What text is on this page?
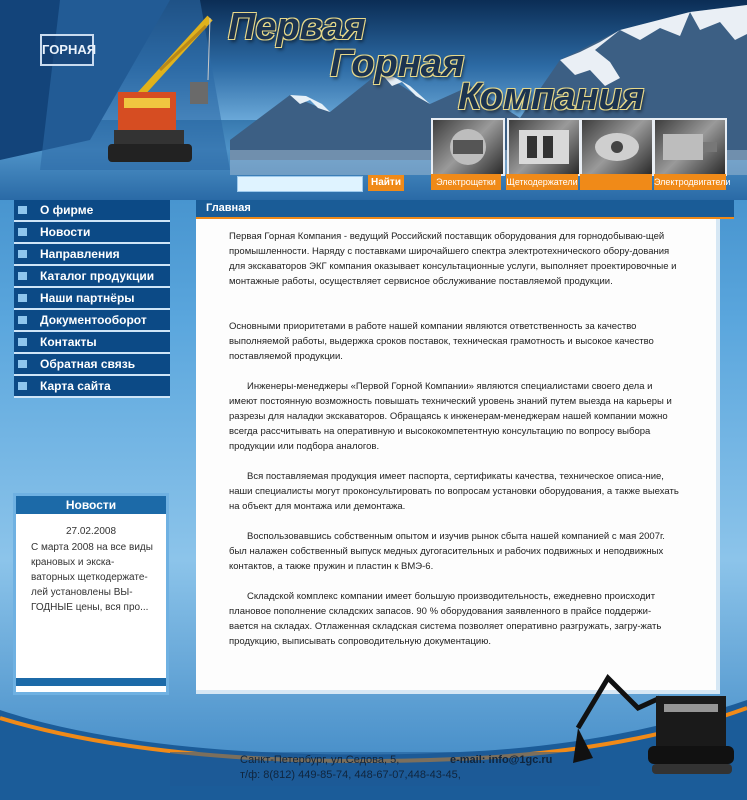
ГОРНАЯ
Первая
Горная
Компания
Электрощетки	Щеткодержатели	Электродвигатели
Найти
О фирме
Новости
Направления
Каталог продукции
Наши партнёры
Документооборот
Контакты
Обратная связь
Карта сайта
Новости
27.02.2008
С марта 2008 на все виды крановых и экска-ваторных щеткодержате-лей установлены ВЫ-ГОДНЫЕ цены, вся про...
Главная
Первая Горная Компания - ведущий Российский поставщик оборудования для горнодобываю-щей промышленности. Наряду с поставками широчайшего спектра электротехнического обору-дования для экскаваторов ЭКГ компания оказывает консультационные услуги, выполняет проектировочные и монтажные работы, осуществляет сервисное обслуживание поставляемой продукции.
Основными приоритетами в работе нашей компании являются ответственность за качество выполняемой работы, выдержка сроков поставок, техническая грамотность и высокое качество поставляемой продукции.
Инженеры-менеджеры «Первой Горной Компании» являются специалистами своего дела и имеют постоянную возможность повышать технический уровень знаний путем выезда на карьеры и разрезы для наладки экскаваторов. Обращаясь к инженерам-менеджерам нашей компании можно всегда рассчитывать на оперативную и высококомпетентную консультацию по вопросу выбора продукции или подбора аналогов.
Вся поставляемая продукция имеет паспорта, сертификаты качества, техническое описа-ние, наши специалисты могут проконсультировать по вопросам установки оборудования, а также выехать на объект для монтажа или демонтажа.
Воспользовавшись собственным опытом и изучив рынок сбыта нашей компанией с мая 2007г. был налажен собственный выпуск медных дугогасительных и рабочих подвижных и неподвижных контактов, а также пружин и пластин к ВМЭ-6.
Складской комплекс компании имеет большую производительность, ежедневно происходит плановое пополнение складских запасов. 90 % оборудования заявленного в прайсе поддержи-вается на складах. Отлаженная складская система позволяет оперативно разгружать, загру-жать продукцию, выписывать сопроводительную документацию.
Санкт-Петербург, ул.Седова, 5,	e-mail: info@1gc.ru
т/ф: 8(812) 449-85-74, 448-67-07,448-43-45,
